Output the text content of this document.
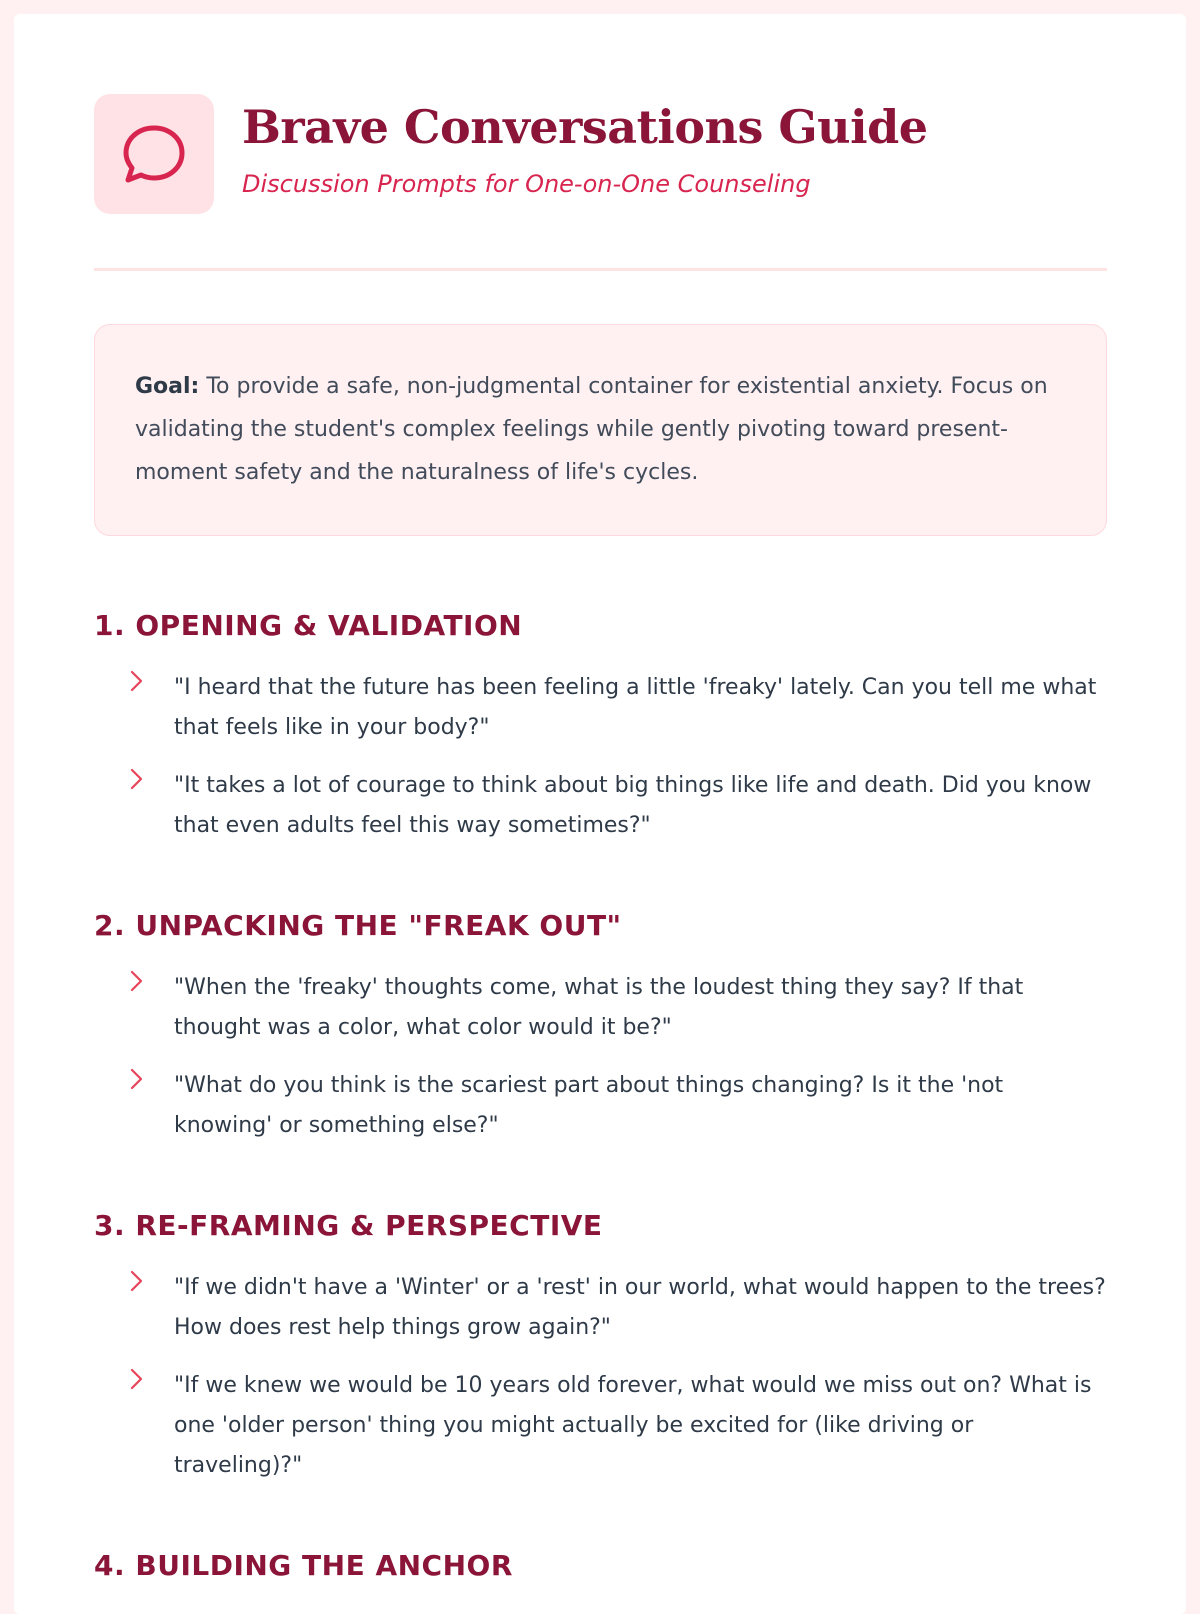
Brave Conversations Guide
Discussion Prompts for One-on-One Counseling
Goal: To provide a safe, non-judgmental container for existential anxiety. Focus on validating the student's complex feelings while gently pivoting toward present-moment safety and the naturalness of life's cycles.
1. OPENING & VALIDATION
"I heard that the future has been feeling a little 'freaky' lately. Can you tell me what that feels like in your body?"
"It takes a lot of courage to think about big things like life and death. Did you know that even adults feel this way sometimes?"
2. UNPACKING THE "FREAK OUT"
"When the 'freaky' thoughts come, what is the loudest thing they say? If that thought was a color, what color would it be?"
"What do you think is the scariest part about things changing? Is it the 'not knowing' or something else?"
3. RE-FRAMING & PERSPECTIVE
"If we didn't have a 'Winter' or a 'rest' in our world, what would happen to the trees? How does rest help things grow again?"
"If we knew we would be 10 years old forever, what would we miss out on? What is one 'older person' thing you might actually be excited for (like driving or traveling)?"
4. BUILDING THE ANCHOR
